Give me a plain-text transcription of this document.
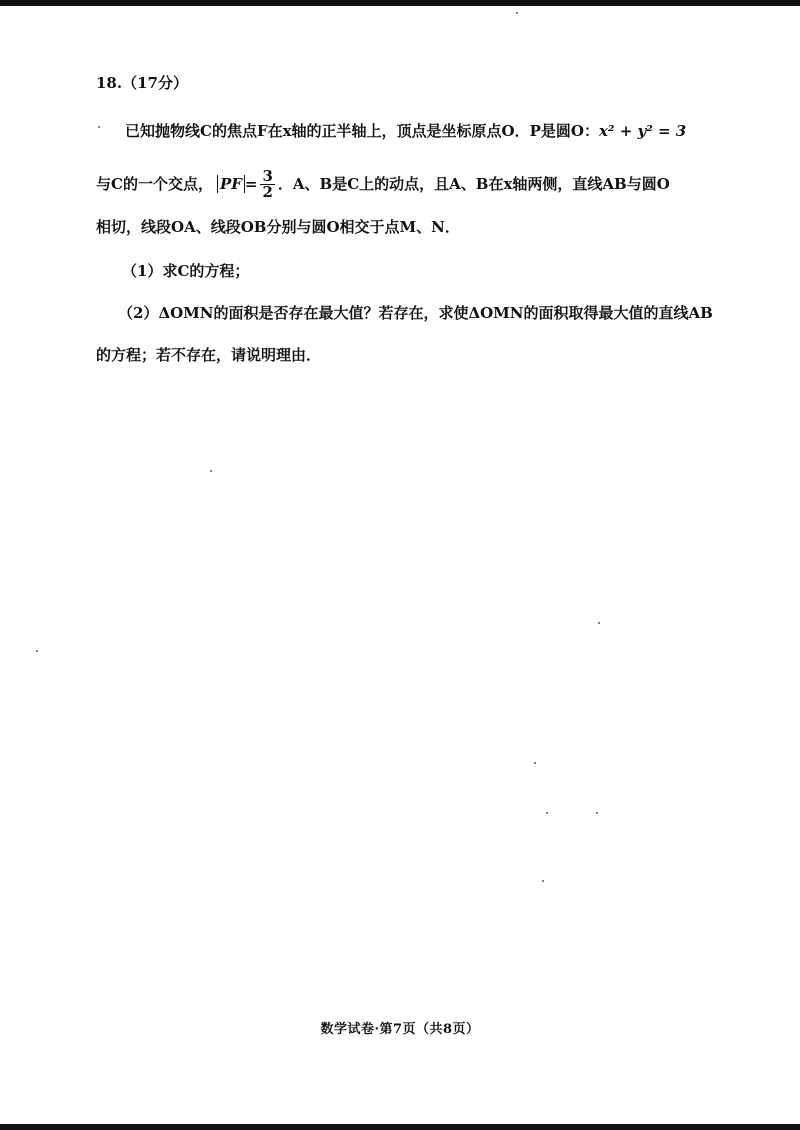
18.（17分）
已知抛物线C的焦点F在x轴的正半轴上，顶点是坐标原点O．P是圆O：x² + y² = 3
与C的一个交点， PF = $\frac{3}{2}$ ．A、B是C上的动点，且A、B在x轴两侧，直线AB与圆O
相切，线段OA、线段OB分别与圆O相交于点M、N．
（1）求C的方程；
（2）ΔOMN的面积是否存在最大值？若存在，求使ΔOMN的面积取得最大值的直线AB
的方程；若不存在，请说明理由．
数学试卷·第7页（共8页）
